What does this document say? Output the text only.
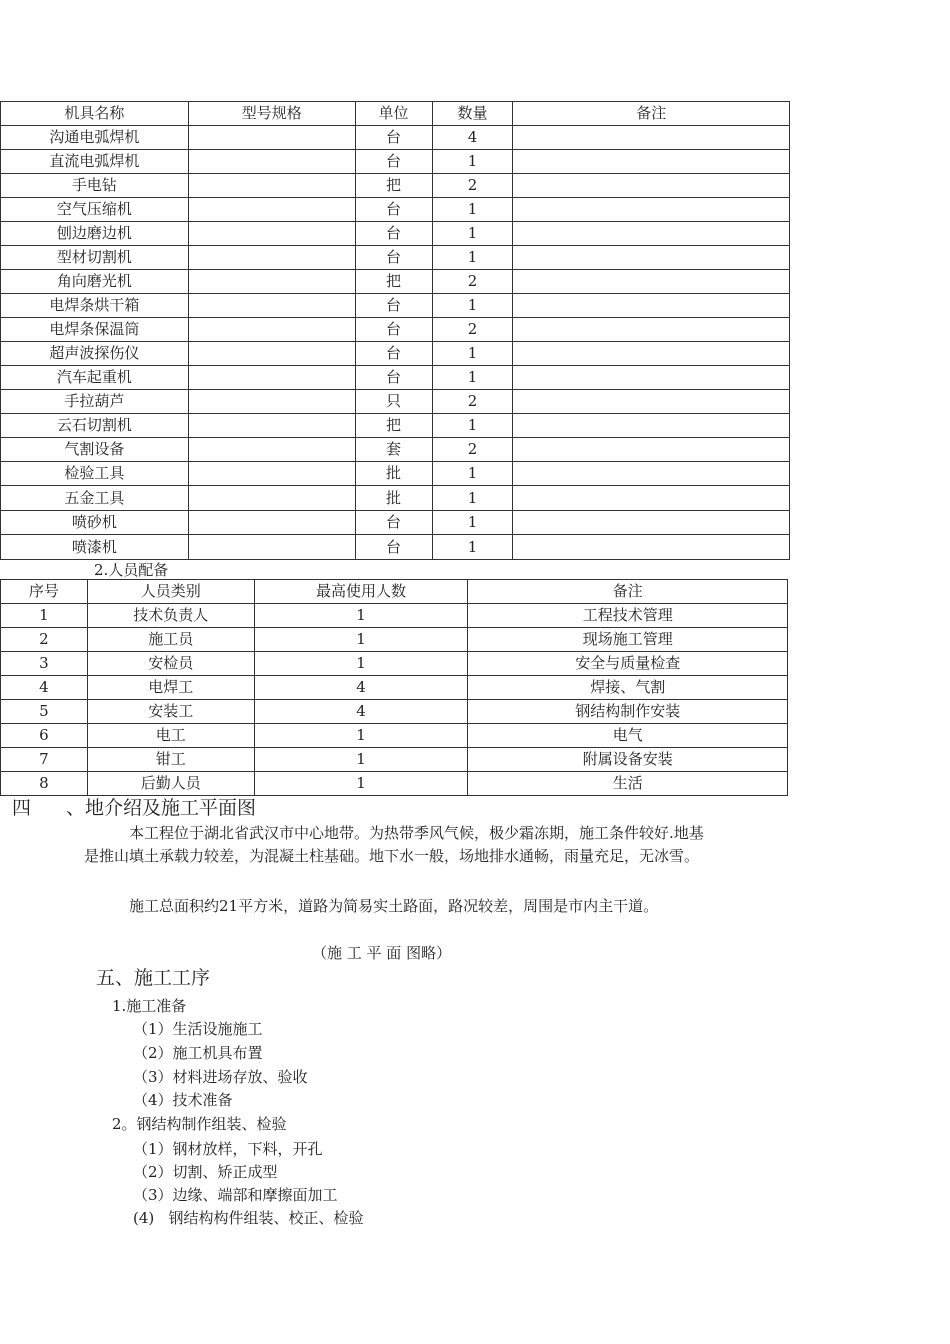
机具名称	型号规格	单位	数量	备注
沟通电弧焊机		台	4	
直流电弧焊机		台	1	
手电钻		把	2	
空气压缩机		台	1	
刨边磨边机		台	1	
型材切割机		台	1	
角向磨光机		把	2	
电焊条烘干箱		台	1	
电焊条保温筒		台	2	
超声波探伤仪		台	1	
汽车起重机		台	1	
手拉葫芦		只	2	
云石切割机		把	1	
气割设备		套	2	
检验工具		批	1	
五金工具		批	1	
喷砂机		台	1	
喷漆机		台	1	
2.人员配备
序号	人员类别	最高使用人数	备注
1	技术负责人	1	工程技术管理
2	施工员	1	现场施工管理
3	安检员	1	安全与质量检查
4	电焊工	4	焊接、气割
5	安装工	4	钢结构制作安装
6	电工	1	电气
7	钳工	1	附属设备安装
8	后勤人员	1	生活
四 、地介绍及施工平面图
本工程位于湖北省武汉市中心地带。为热带季风气候，极少霜冻期，施工条件较好.地基是推山填土承载力较差，为混凝土柱基础。地下水一般，场地排水通畅，雨量充足，无冰雪。
施工总面积约21平方米，道路为简易实土路面，路况较差，周围是市内主干道。
（施 工 平 面 图略）
五、施工工序
1.施工准备
（1）生活设施施工
（2）施工机具布置
（3）材料进场存放、验收
（4）技术准备
2。钢结构制作组装、检验
（1）钢材放样，下料，开孔
（2）切割、矫正成型
（3）边缘、端部和摩擦面加工
(4)   钢结构构件组装、校正、检验
